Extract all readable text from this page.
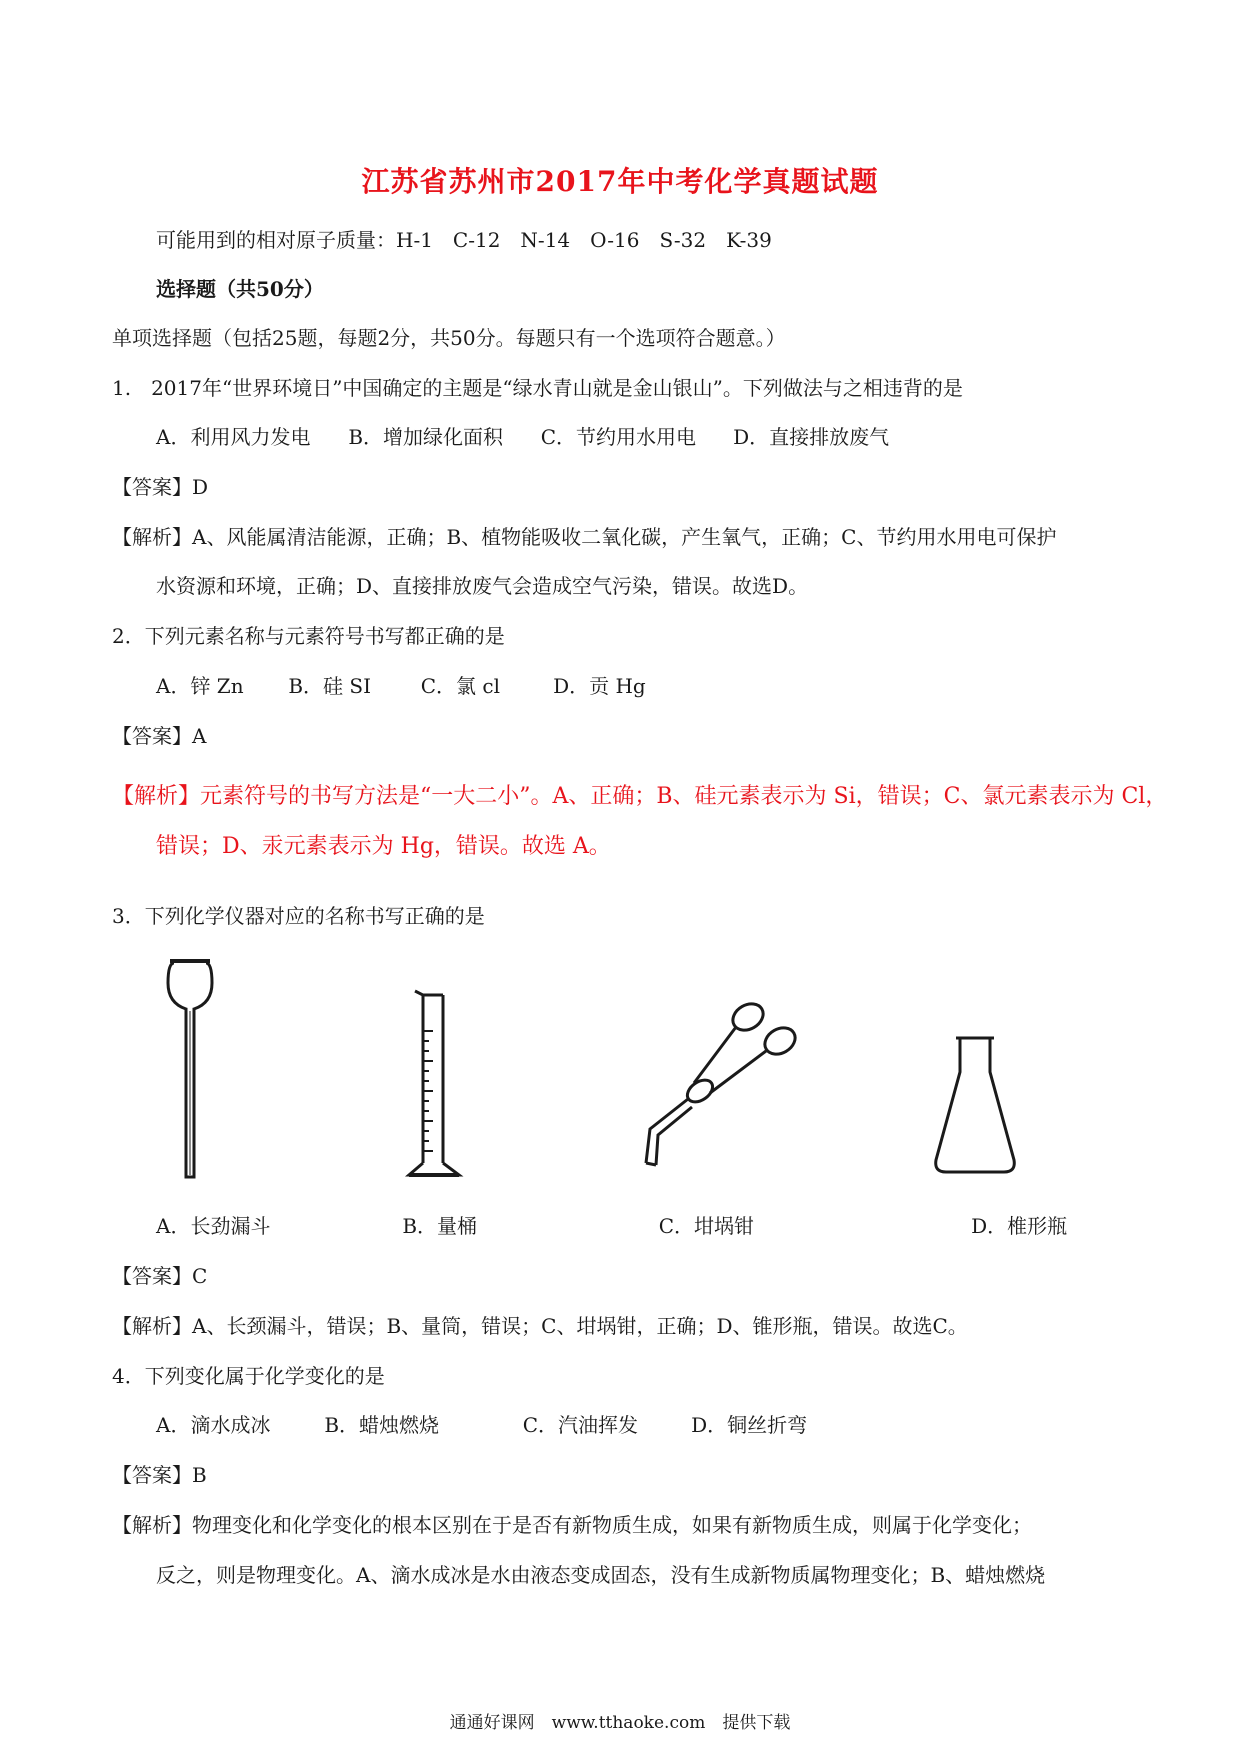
江苏省苏州市2017年中考化学真题试题
可能用到的相对原子质量：H-1　C-12　N-14　O-16　S-32　K-39
选择题（共50分）
单项选择题（包括25题，每题2分，共50分。每题只有一个选项符合题意。）
1.　2017年“世界环境日”中国确定的主题是“绿水青山就是金山银山”。下列做法与之相违背的是
A．利用风力发电 B．增加绿化面积 C．节约用水用电 D．直接排放废气
【答案】D
【解析】A、风能属清洁能源，正确；B、植物能吸收二氧化碳，产生氧气，正确；C、节约用水用电可保护
水资源和环境，正确；D、直接排放废气会造成空气污染，错误。故选D。
2．下列元素名称与元素符号书写都正确的是
A．锌 Zn B．硅 SI C．氯 cl	D．贡 Hg
【答案】A
【解析】元素符号的书写方法是“一大二小”。A、正确；B、硅元素表示为 Si，错误；C、氯元素表示为 Cl，
错误；D、汞元素表示为 Hg，错误。故选 A。
3．下列化学仪器对应的名称书写正确的是
A．长劲漏斗	B．量桶	C．坩埚钳	D．椎形瓶
【答案】C
【解析】A、长颈漏斗，错误；B、量筒，错误；C、坩埚钳，正确；D、锥形瓶，错误。故选C。
4．下列变化属于化学变化的是
A．滴水成冰	B．蜡烛燃烧	C．汽油挥发	D．铜丝折弯
【答案】B
【解析】物理变化和化学变化的根本区别在于是否有新物质生成，如果有新物质生成，则属于化学变化；
反之，则是物理变化。A、滴水成冰是水由液态变成固态，没有生成新物质属物理变化；B、蜡烛燃烧
通通好课网　www.tthaoke.com　提供下载
